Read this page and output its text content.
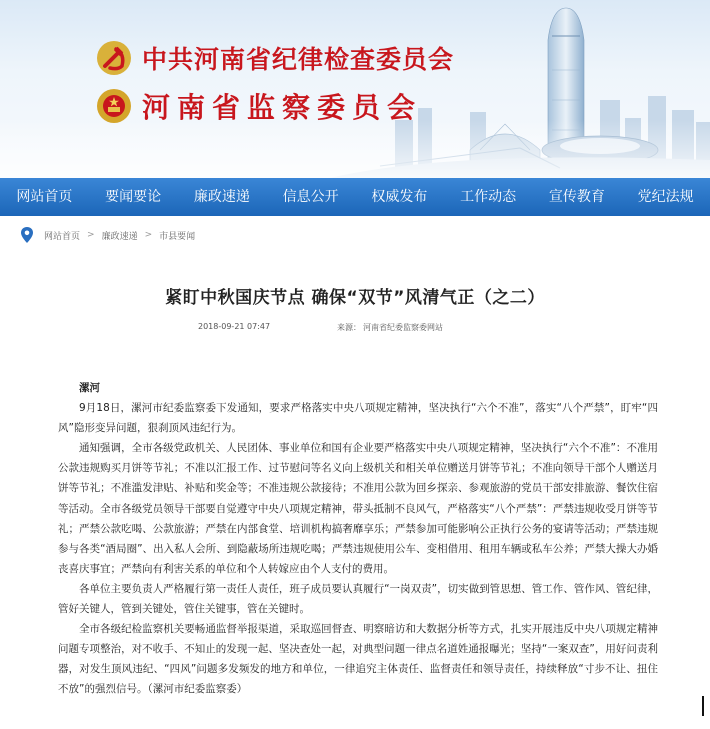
中共河南省纪律检查委员会
河南省监察委员会
网站首页	要闻要论	廉政速递	信息公开	权威发布	工作动态	宣传教育	党纪法规
网站首页 > 廉政速递 > 市县要闻
紧盯中秋国庆节点 确保“双节”风清气正（之二）
2018-09-21 07:47	来源： 河南省纪委监察委网站

漯河

9月18日，漯河市纪委监察委下发通知，要求严格落实中央八项规定精神，坚决执行“六个不准”，落实“八个严禁”，盯牢“四风”隐形变异问题，狠刹顶风违纪行为。

通知强调，全市各级党政机关、人民团体、事业单位和国有企业要严格落实中央八项规定精神，坚决执行“六个不准”：不准用公款违规购买月饼等节礼；不准以汇报工作、过节慰问等名义向上级机关和相关单位赠送月饼等节礼；不准向领导干部个人赠送月饼等节礼；不准滥发津贴、补贴和奖金等；不准违规公款接待；不准用公款为回乡探亲、参观旅游的党员干部安排旅游、餐饮住宿等活动。全市各级党员领导干部要自觉遵守中央八项规定精神，带头抵制不良风气，严格落实“八个严禁”：严禁违规收受月饼等节礼；严禁公款吃喝、公款旅游；严禁在内部食堂、培训机构搞奢靡享乐；严禁参加可能影响公正执行公务的宴请等活动；严禁违规参与各类“酒局圈”、出入私人会所、到隐蔽场所违规吃喝；严禁违规使用公车、变相借用、租用车辆或私车公养；严禁大操大办婚丧喜庆事宜；严禁向有利害关系的单位和个人转嫁应由个人支付的费用。

各单位主要负责人严格履行第一责任人责任，班子成员要认真履行“一岗双责”，切实做到管思想、管工作、管作风、管纪律，管好关键人，管到关键处，管住关键事，管在关键时。

全市各级纪检监察机关要畅通监督举报渠道，采取巡回督查、明察暗访和大数据分析等方式，扎实开展违反中央八项规定精神问题专项整治，对不收手、不知止的发现一起、坚决查处一起，对典型问题一律点名道姓通报曝光；坚持“一案双查”，用好问责利器，对发生顶风违纪、“四风”问题多发频发的地方和单位，一律追究主体责任、监督责任和领导责任，持续释放“寸步不让、扭住不放”的强烈信号。（漯河市纪委监察委）
